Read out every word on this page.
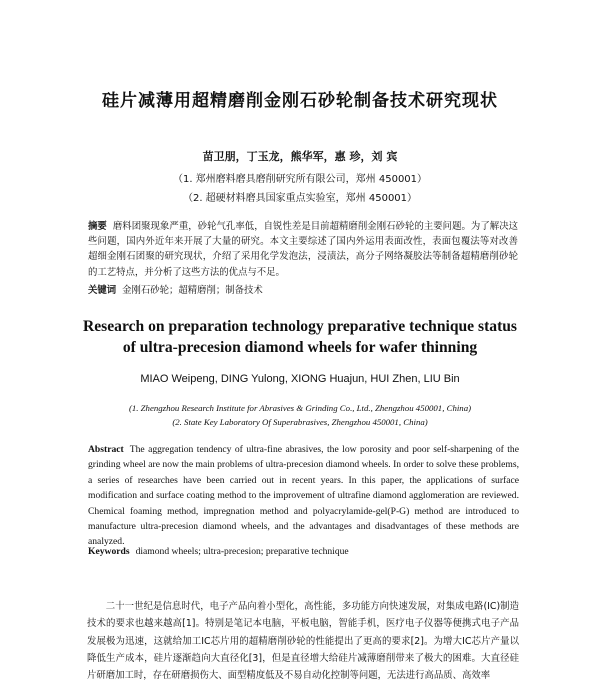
硅片减薄用超精磨削金刚石砂轮制备技术研究现状
苗卫朋，丁玉龙，熊华军，惠 珍，刘 宾
（1. 郑州磨料磨具磨削研究所有限公司，郑州 450001）
（2. 超硬材料磨具国家重点实验室，郑州 450001）
摘要 磨料团聚现象严重，砂轮气孔率低，自锐性差是目前超精磨削金刚石砂轮的主要问题。为了解决这些问题，国内外近年来开展了大量的研究。本文主要综述了国内外运用表面改性，表面包覆法等对改善超细金刚石团聚的研究现状，介绍了采用化学发泡法，浸渍法，高分子网络凝胶法等制备超精磨削砂轮的工艺特点，并分析了这些方法的优点与不足。
关键词 金刚石砂轮；超精磨削；制备技术
Research on preparation technology preparative technique status
of ultra-precesion diamond wheels for wafer thinning
MIAO Weipeng, DING Yulong, XIONG Huajun, HUI Zhen, LIU Bin
(1. Zhengzhou Research Institute for Abrasives & Grinding Co., Ltd., Zhengzhou 450001, China)
(2. State Key Laboratory Of Superabrasives, Zhengzhou 450001, China)
Abstract The aggregation tendency of ultra-fine abrasives, the low porosity and poor self-sharpening of the grinding wheel are now the main problems of ultra-precesion diamond wheels. In order to solve these problems, a series of researches have been carried out in recent years. In this paper, the applications of surface modification and surface coating method to the improvement of ultrafine diamond agglomeration are reviewed. Chemical foaming method, impregnation method and polyacrylamide-gel(P-G) method are introduced to manufacture ultra-precesion diamond wheels, and the advantages and disadvantages of these methods are analyzed.
Keywords diamond wheels; ultra-precesion; preparative technique
二十一世纪是信息时代，电子产品向着小型化，高性能，多功能方向快速发展，对集成电路(IC)制造技术的要求也越来越高[1]。特别是笔记本电脑，平板电脑，智能手机，医疗电子仪器等便携式电子产品发展极为迅速，这就给加工IC芯片用的超精磨削砂轮的性能提出了更高的要求[2]。为增大IC芯片产量以降低生产成本，硅片逐渐趋向大直径化[3]，但是直径增大给硅片减薄磨削带来了极大的困难。大直径硅片研磨加工时，存在研磨损伤大、面型精度低及不易自动化控制等问题，无法进行高品质、高效率
